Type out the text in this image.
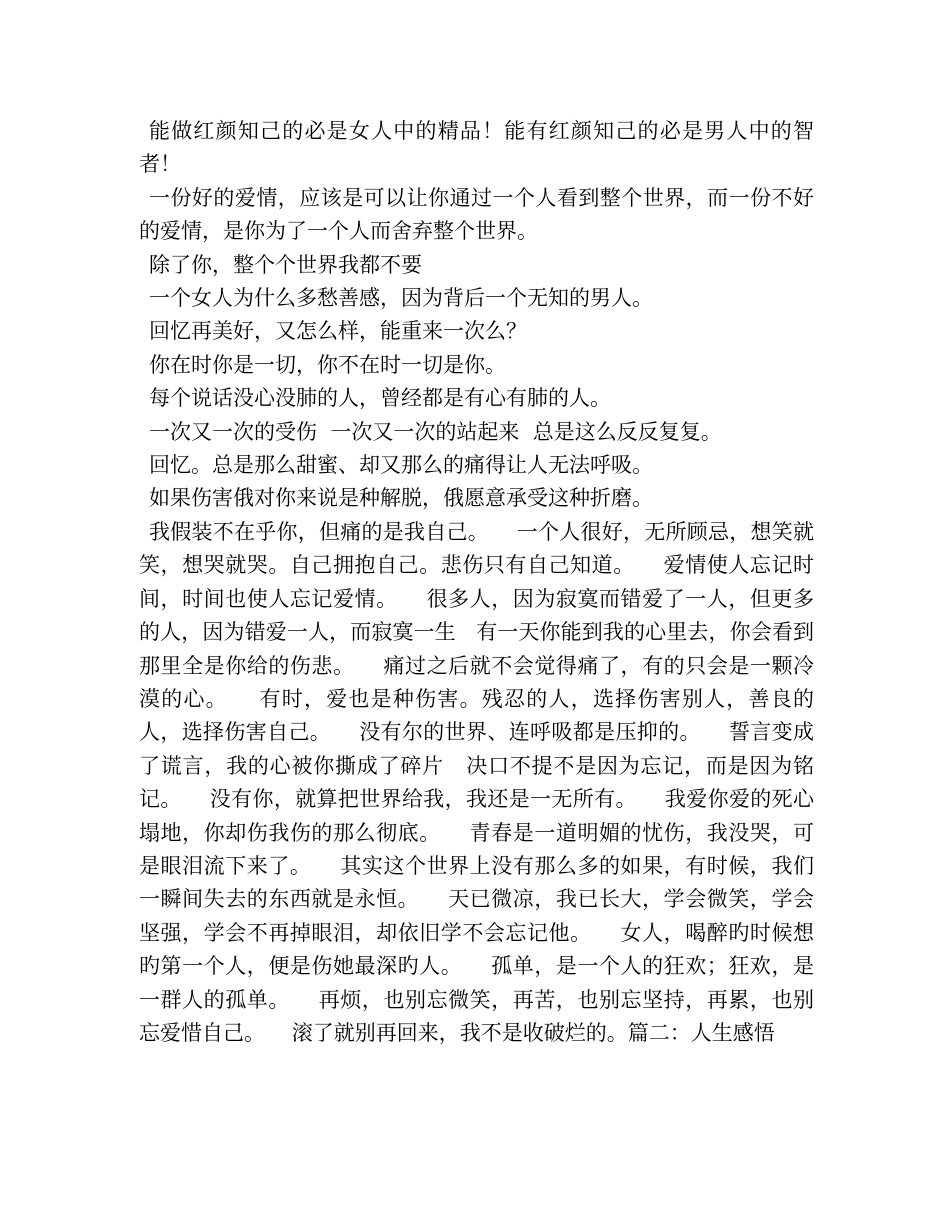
能做红颜知己的必是女人中的精品！能有红颜知己的必是男人中的智者！

一份好的爱情，应该是可以让你通过一个人看到整个世界，而一份不好的爱情，是你为了一个人而舍弃整个世界。

除了你，整个个世界我都不要

一个女人为什么多愁善感，因为背后一个无知的男人。

回忆再美好，又怎么样，能重来一次么？

你在时你是一切，你不在时一切是你。

每个说话没心没肺的人，曾经都是有心有肺的人。

一次又一次的受伤  一次又一次的站起来  总是这么反反复复。

回忆。总是那么甜蜜、却又那么的痛得让人无法呼吸。

如果伤害俄对你来说是种解脱，俄愿意承受这种折磨。

我假装不在乎你，但痛的是我自己。    一个人很好，无所顾忌，想笑就笑，想哭就哭。自己拥抱自己。悲伤只有自己知道。    爱情使人忘记时间，时间也使人忘记爱情。    很多人，因为寂寞而错爱了一人，但更多的人，因为错爱一人，而寂寞一生   有一天你能到我的心里去，你会看到那里全是你给的伤悲。    痛过之后就不会觉得痛了，有的只会是一颗冷漠的心。    有时，爱也是种伤害。残忍的人，选择伤害别人，善良的人，选择伤害自己。    没有尔的世界、连呼吸都是压抑的。    誓言变成了谎言，我的心被你撕成了碎片   决口不提不是因为忘记，而是因为铭记。    没有你，就算把世界给我，我还是一无所有。    我爱你爱的死心塌地，你却伤我伤的那么彻底。    青春是一道明媚的忧伤，我没哭，可是眼泪流下来了。    其实这个世界上没有那么多的如果，有时候，我们一瞬间失去的东西就是永恒。    天已微凉，我已长大，学会微笑，学会坚强，学会不再掉眼泪，却依旧学不会忘记他。    女人，喝醉旳时候想旳第一个人，便是伤她最深旳人。    孤单，是一个人的狂欢；狂欢，是一群人的孤单。    再烦，也别忘微笑，再苦，也别忘坚持，再累，也别忘爱惜自己。    滚了就别再回来，我不是收破烂的。篇二：人生感悟
